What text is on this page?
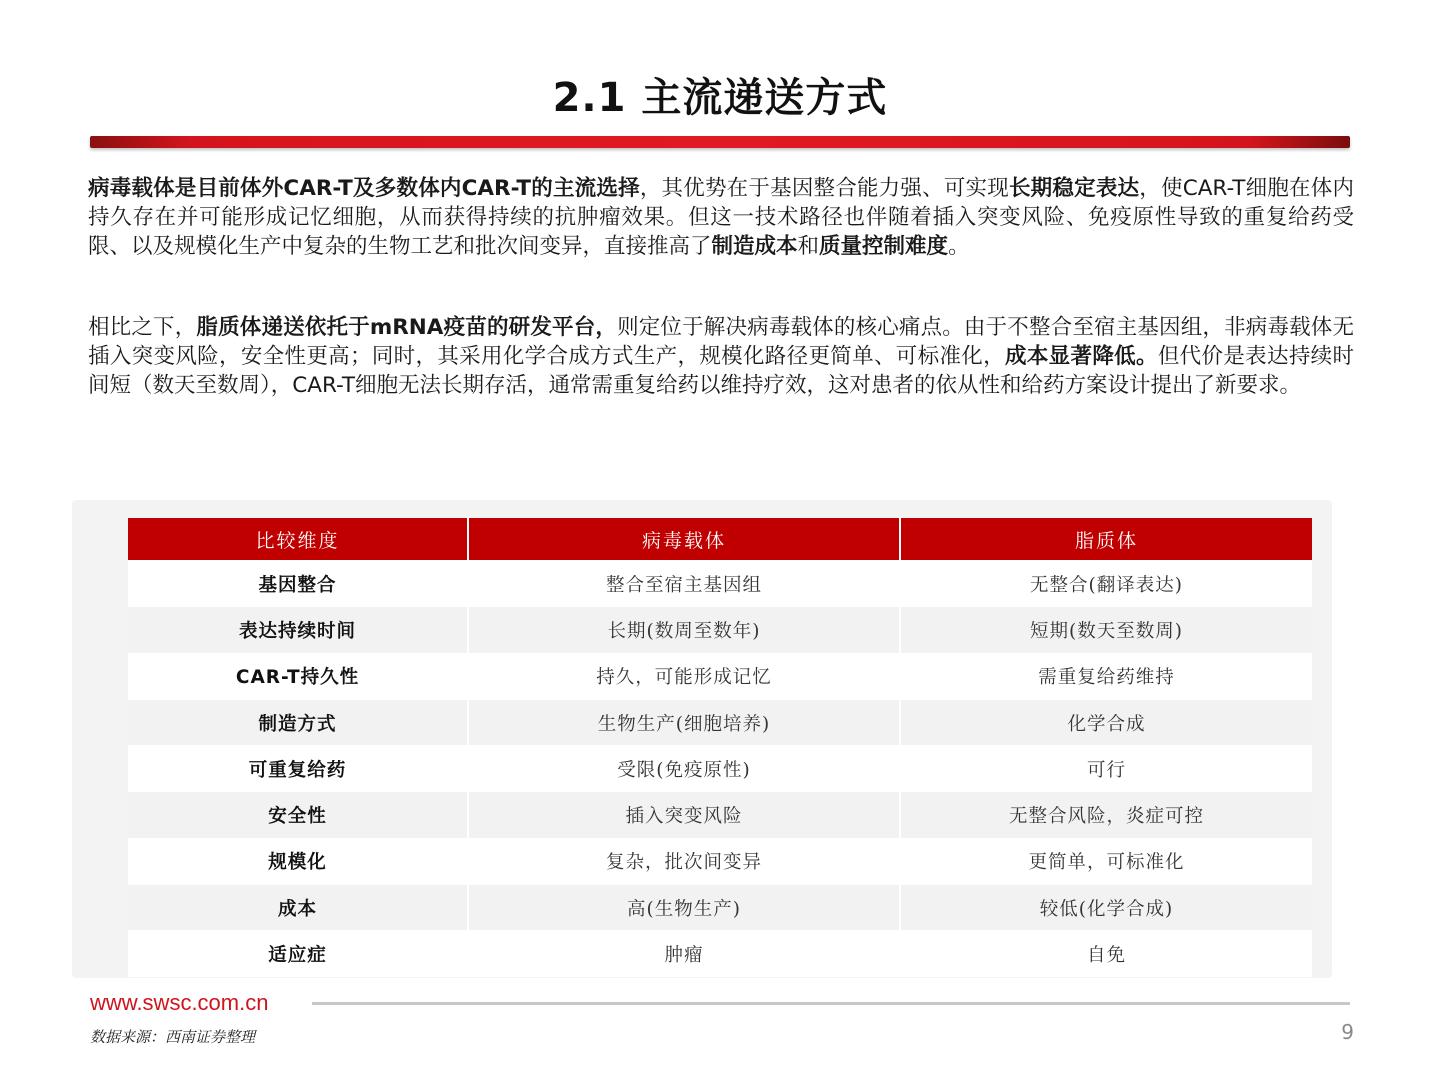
2.1 主流递送方式

病毒载体是目前体外CAR-T及多数体内CAR-T的主流选择，其优势在于基因整合能力强、可实现长期稳定表达，使CAR-T细胞在体内持久存在并可能形成记忆细胞，从而获得持续的抗肿瘤效果。但这一技术路径也伴随着插入突变风险、免疫原性导致的重复给药受限、以及规模化生产中复杂的生物工艺和批次间变异，直接推高了制造成本和质量控制难度。

相比之下，脂质体递送依托于mRNA疫苗的研发平台，则定位于解决病毒载体的核心痛点。由于不整合至宿主基因组，非病毒载体无插入突变风险，安全性更高；同时，其采用化学合成方式生产，规模化路径更简单、可标准化，成本显著降低。但代价是表达持续时间短（数天至数周），CAR-T细胞无法长期存活，通常需重复给药以维持疗效，这对患者的依从性和给药方案设计提出了新要求。

比较维度	病毒载体	脂质体
基因整合	整合至宿主基因组	无整合(翻译表达)
表达持续时间	长期(数周至数年)	短期(数天至数周)
CAR-T持久性	持久，可能形成记忆	需重复给药维持
制造方式	生物生产(细胞培养)	化学合成
可重复给药	受限(免疫原性)	可行
安全性	插入突变风险	无整合风险，炎症可控
规模化	复杂，批次间变异	更简单，可标准化
成本	高(生物生产)	较低(化学合成)
适应症	肿瘤	自免
www.swsc.com.cn
数据来源：西南证券整理	9
